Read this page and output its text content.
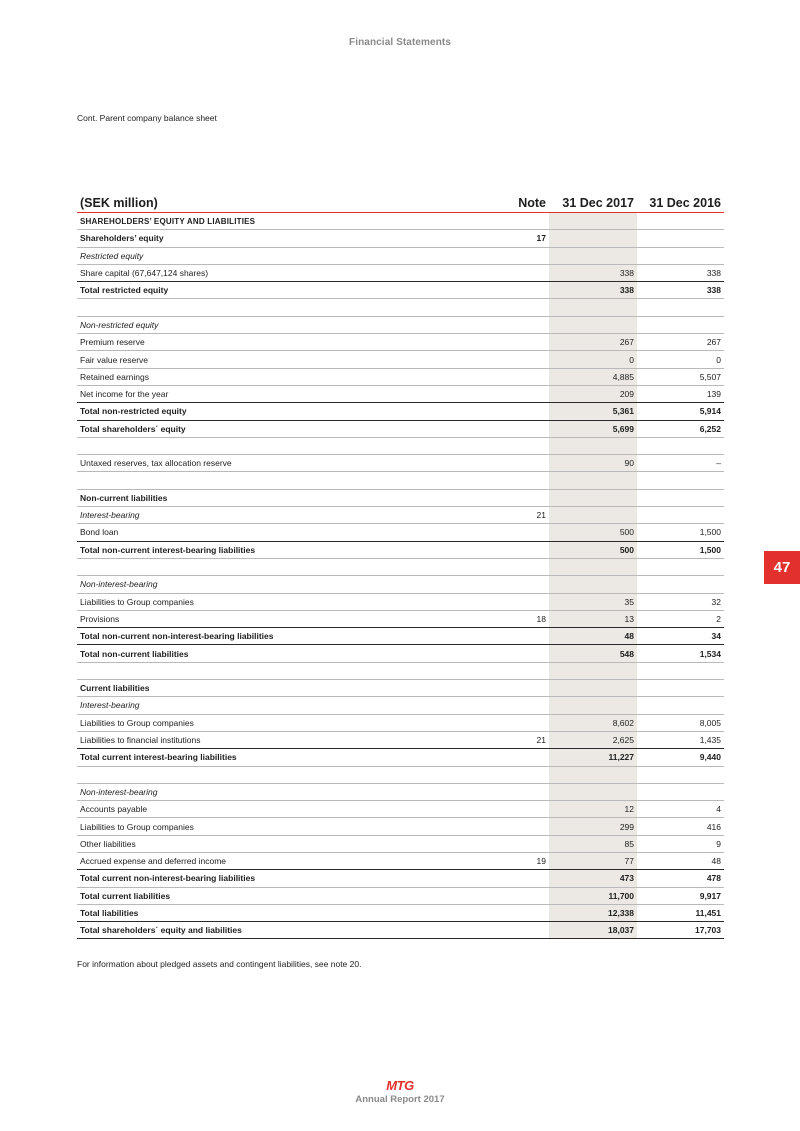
Financial Statements
Cont. Parent company balance sheet
47
(SEK million)	Note	31 Dec 2017	31 Dec 2016
SHAREHOLDERS’ EQUITY AND LIABILITIES			
Shareholders’ equity	17		
Restricted equity			
Share capital (67,647,124 shares)		338	338
Total restricted equity		338	338

Non-restricted equity			
Premium reserve		267	267
Fair value reserve		0	0
Retained earnings		4,885	5,507
Net income for the year		209	139
Total non-restricted equity		5,361	5,914
Total shareholders´ equity		5,699	6,252

Untaxed reserves, tax allocation reserve		90	–

Non-current liabilities			
Interest-bearing	21		
Bond loan		500	1,500
Total non-current interest-bearing liabilities		500	1,500

Non-interest-bearing			
Liabilities to Group companies		35	32
Provisions	18	13	2
Total non-current non-interest-bearing liabilities		48	34
Total non-current liabilities		548	1,534

Current liabilities			
Interest-bearing			
Liabilities to Group companies		8,602	8,005
Liabilities to financial institutions	21	2,625	1,435
Total current interest-bearing liabilities		11,227	9,440

Non-interest-bearing			
Accounts payable		12	4
Liabilities to Group companies		299	416
Other liabilities		85	9
Accrued expense and deferred income	19	77	48
Total current non-interest-bearing liabilities		473	478
Total current liabilities		11,700	9,917
Total liabilities		12,338	11,451
Total shareholders´ equity and liabilities		18,037	17,703
For information about pledged assets and contingent liabilities, see note 20.
MTG
Annual Report 2017
